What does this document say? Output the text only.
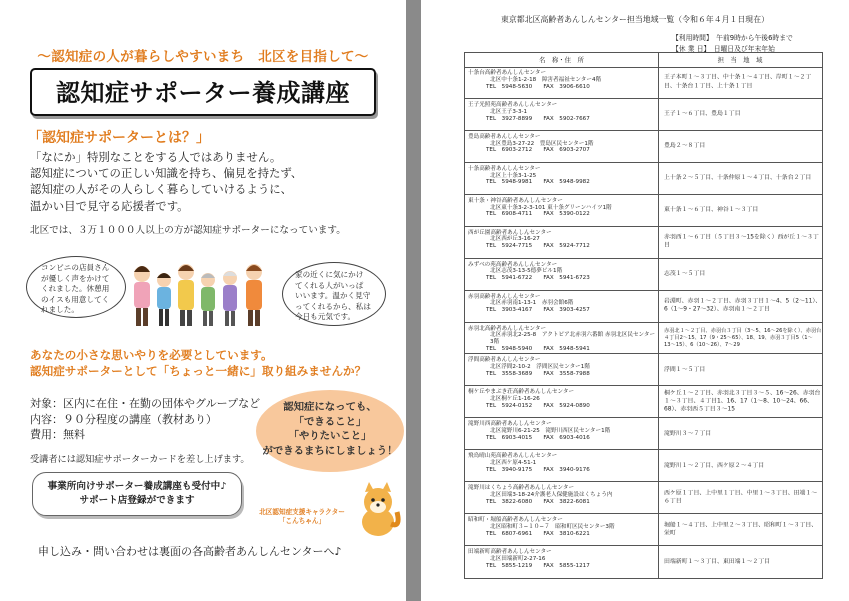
〜認知症の人が暮らしやすいまち　北区を目指して〜
認知症サポーター養成講座
「認知症サポーターとは？」
「なにか」特別なことをする人ではありません。
認知症についての正しい知識を持ち、偏見を持たず、
認知症の人がその人らしく暮らしていけるように、
温かい目で見守る応援者です。
北区では、３万１０００人以上の方が認知症サポーターになっています。
コンビニの店員さん
が優しく声をかけて
くれました。休憩用
のイスも用意してく
れました。
家の近くに気にかけ
てくれる人がいっぱ
いいます。温かく見守
ってくれるから、私は
今日も元気です。
あなたの小さな思いやりを必要としています。
認知症サポーターとして「ちょっと一緒に」取り組みませんか？
対象：区内に在住・在勤の団体やグループなど
内容：９０分程度の講座（教材あり）
費用：無料
認知症になっても、
「できること」
「やりたいこと」
ができるまちにしましょう！
受講者には認知症サポーターカードを差し上げます。
事業所向けサポーター養成講座も受付中♪
サポート店登録ができます
北区認知症支援キャラクター
「こんちゃん」
申し込み・問い合わせは裏面の各高齢者あんしんセンターへ♪
東京都北区高齢者あんしんセンター担当地域一覧（令和６年４月１日現在）
【利用時間】　午前9時から午後6時まで
【休 業 日】　日曜日及び年末年始
名　称・住　所	担　当　地　域
十条台高齢者あんしんセンター
北区中十条1-2-18　障害者福祉センター4階
TEL　5948-5630　　FAX　3906-6610
王子本町１〜３丁目、中十条１〜４丁目、岸町１〜２丁目、十条台１丁目、上十条１丁目
王子光照苑高齢者あんしんセンター
北区王子3-3-1
TEL　3927-8899　　FAX　5902-7667
王子１〜６丁目、豊島１丁目
豊島高齢者あんしんセンター
北区豊島3-27-22　豊島区民センター1階
TEL　6903-2712　　FAX　6903-2707
豊島２〜８丁目
十条高齢者あんしんセンター
北区上十条3-1-25
TEL　5948-9981　　FAX　5948-9982
上十条２〜５丁目、十条仲原１〜４丁目、十条台２丁目
東十条・神谷高齢者あんしんセンター
北区東十条3-2-3-101 東十条グリーンハイツ1階
TEL　6908-4711　　FAX　5390-0122
東十条１〜６丁目、神谷１〜３丁目
西が丘園高齢者あんしんセンター
北区西が丘3-16-27
TEL　5924-7715　　FAX　5924-7712
赤羽西１〜６丁目（５丁目３〜15を除く）西が丘１〜３丁目
みずべの苑高齢者あんしんセンター
北区志茂3-13-5德夢ビル1階
TEL　5941-6722　　FAX　5941-6723
志茂１〜５丁目
赤羽高齢者あんしんセンター
北区赤羽南1-13-1　赤羽会館6階
TEL　3903-4167　　FAX　3903-4257
岩淵町、赤羽１〜２丁目、赤羽３丁目１〜4、5（2〜11）、6（1〜9・27〜32）、赤羽南１〜２丁目
赤羽北高齢者あんしんセンター
北区赤羽北2-25-8　アクトピア北赤羽六番館 赤羽北区民センター3階
TEL　5948-5940　　FAX　5948-5941
赤羽北１〜２丁目、赤羽台３丁目（3〜5、16〜26を除く）、赤羽台４丁目2〜15、17（9・25〜65）、18、19、赤羽３丁目5（1〜13〜15）、6（10〜26）、7〜29
浮間高齢者あんしんセンター
北区浮間2-10-2　浮間区民センター1階
TEL　3558-3689　　FAX　3558-7988
浮間１〜５丁目
桐ケ丘やまぶき荘高齢者あんしんセンター
北区桐ケ丘1-16-26
TEL　5924-0152　　FAX　5924-0890
桐ケ丘１〜２丁目、赤羽北３丁目３〜５、16〜26、赤羽台１〜３丁目、４丁目1、16、17（1〜8、10〜24、66、68）、赤羽西５丁目３〜15
滝野川西高齢者あんしんセンター
北区滝野川6-21-25　滝野川西区民センター1階
TEL　6903-4015　　FAX　6903-4016
滝野川３〜７丁目
飛鳥晴山苑高齢者あんしんセンター
北区西ケ原4-51-1
TEL　3940-9175　　FAX　3940-9176
滝野川１〜２丁目、西ケ原２〜４丁目
滝野川はくちょう高齢者あんしんセンター
北区田端3-18-24介護老人保健施設はくちょう内
TEL　3822-6080　　FAX　3822-6081
西ケ原１丁目、上中里１丁目、中里１〜３丁目、田端１〜６丁目
昭和町・堀船高齢者あんしんセンター
北区昭和町３−１０−７　昭和町区民センター3階
TEL　6807-6961　　FAX　3810-6221
堀船１〜４丁目、上中里２〜３丁目、昭和町１〜３丁目、栄町
田端新町高齢者あんしんセンター
北区田端新町2-27-16
TEL　5855-1219　　FAX　5855-1217
田端新町１〜３丁目、東田端１〜２丁目
